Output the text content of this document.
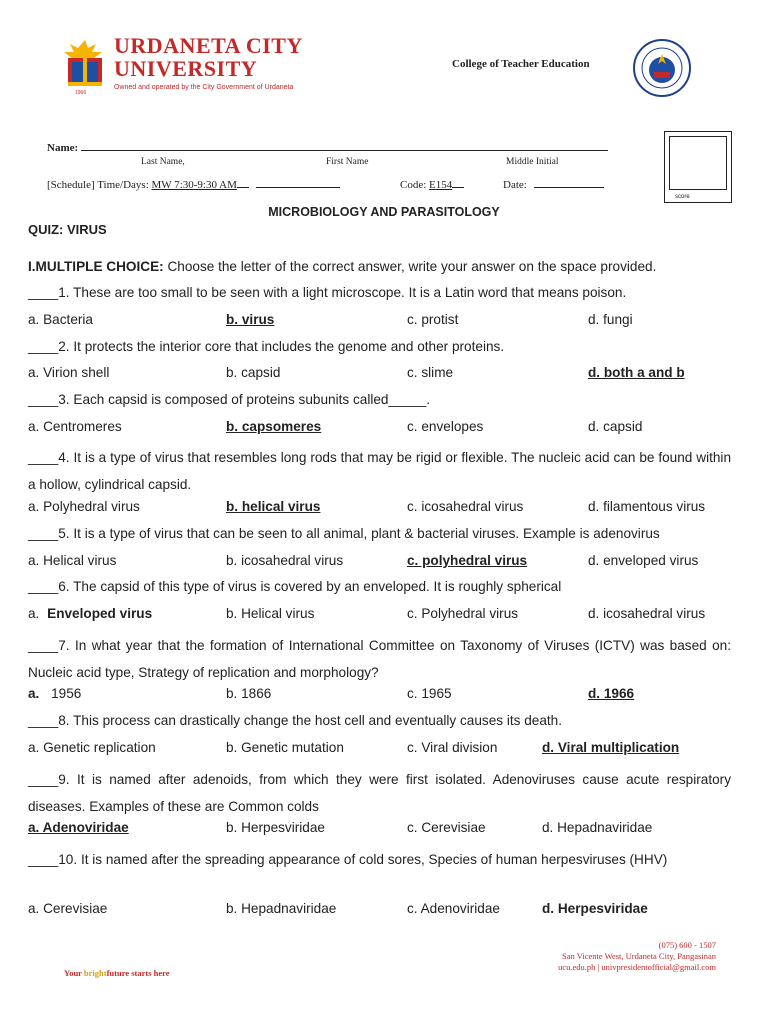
1966
URDANETA CITY
UNIVERSITY
Owned and operated by the City Government of Urdaneta
College of Teacher Education
Name:
Last Name,	First Name	Middle Initial
[Schedule] Time/Days: MW 7:30-9:30 AM	Code: E154	Date:
score
MICROBIOLOGY AND PARASITOLOGY
QUIZ: VIRUS
I.MULTIPLE CHOICE: Choose the letter of the correct answer, write your answer on the space provided.
____1. These are too small to be seen with a light microscope. It is a Latin word that means poison.
a. Bacteria	b. virus	c. protist	d. fungi
____2. It protects the interior core that includes the genome and other proteins.
a. Virion shell	b. capsid	c. slime	d. both a and b
____3. Each capsid is composed of proteins subunits called_____.
a. Centromeres	b. capsomeres	c. envelopes	d. capsid
____4. It is a type of virus that resembles long rods that may be rigid or flexible. The nucleic acid can be found within a hollow, cylindrical capsid.
a. Polyhedral virus	b. helical virus	c. icosahedral virus	d. filamentous virus
____5. It is a type of virus that can be seen to all animal, plant & bacterial viruses. Example is adenovirus
a. Helical virus	b. icosahedral virus	c. polyhedral virus	d. enveloped virus
____6. The capsid of this type of virus is covered by an enveloped. It is roughly spherical
a. Enveloped virus	b. Helical virus	c. Polyhedral virus	d. icosahedral virus
____7. In what year that the formation of International Committee on Taxonomy of Viruses (ICTV) was based on: Nucleic acid type, Strategy of replication and morphology?
a. 1956	b. 1866	c. 1965	d. 1966
____8. This process can drastically change the host cell and eventually causes its death.
a. Genetic replication	b. Genetic mutation	c. Viral division	d. Viral multiplication
____9. It is named after adenoids, from which they were first isolated. Adenoviruses cause acute respiratory diseases. Examples of these are Common colds
a. Adenoviridae	b. Herpesviridae	c. Cerevisiae	d. Hepadnaviridae
____10. It is named after the spreading appearance of cold sores, Species of human herpesviruses (HHV)
a. Cerevisiae	b. Hepadnaviridae	c. Adenoviridae	d. Herpesviridae
Your brightfuture starts here
(075) 600 - 1507
San Vicente West, Urdaneta City, Pangasinan
ucu.edu.ph | univpresidentofficial@gmail.com
